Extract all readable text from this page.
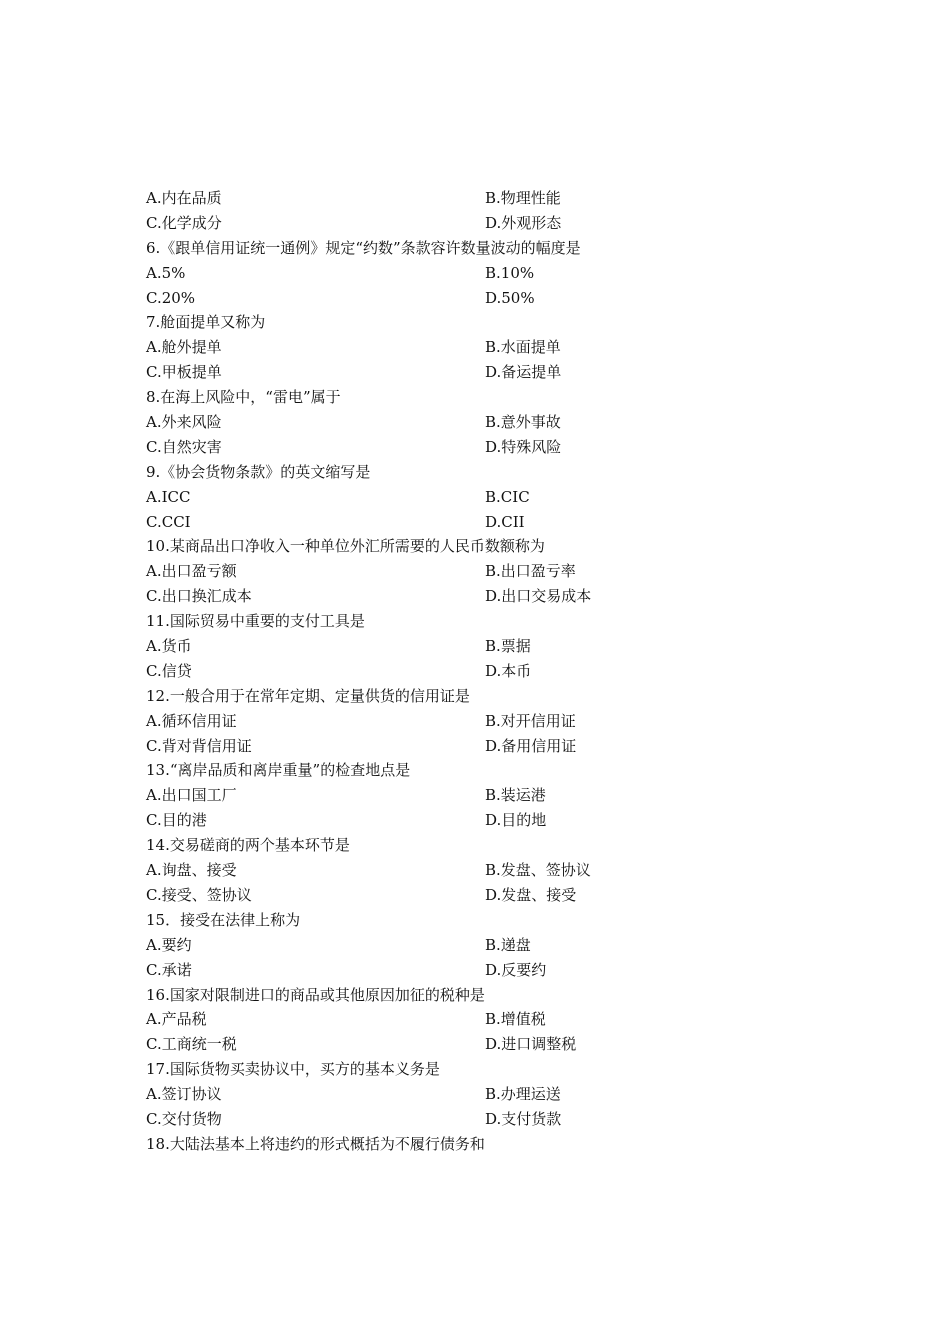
A.内在品质	B.物理性能
C.化学成分	D.外观形态
6.《跟单信用证统一通例》规定“约数”条款容许数量波动的幅度是
A.5%	B.10%
C.20%	D.50%
7.舱面提单又称为
A.舱外提单	B.水面提单
C.甲板提单	D.备运提单
8.在海上风险中，“雷电”属于
A.外来风险	B.意外事故
C.自然灾害	D.特殊风险
9.《协会货物条款》的英文缩写是
A.ICC	B.CIC
C.CCI	D.CII
10.某商品出口净收入一种单位外汇所需要的人民币数额称为
A.出口盈亏额	B.出口盈亏率
C.出口换汇成本	D.出口交易成本
11.国际贸易中重要的支付工具是
A.货币	B.票据
C.信贷	D.本币
12.一般合用于在常年定期、定量供货的信用证是
A.循环信用证	B.对开信用证
C.背对背信用证	D.备用信用证
13.“离岸品质和离岸重量”的检查地点是
A.出口国工厂	B.装运港
C.目的港	D.目的地
14.交易磋商的两个基本环节是
A.询盘、接受	B.发盘、签协议
C.接受、签协议	D.发盘、接受
15．接受在法律上称为
A.要约	B.递盘
C.承诺	D.反要约
16.国家对限制进口的商品或其他原因加征的税种是
A.产品税	B.增值税
C.工商统一税	D.进口调整税
17.国际货物买卖协议中，买方的基本义务是
A.签订协议	B.办理运送
C.交付货物	D.支付货款
18.大陆法基本上将违约的形式概括为不履行债务和
